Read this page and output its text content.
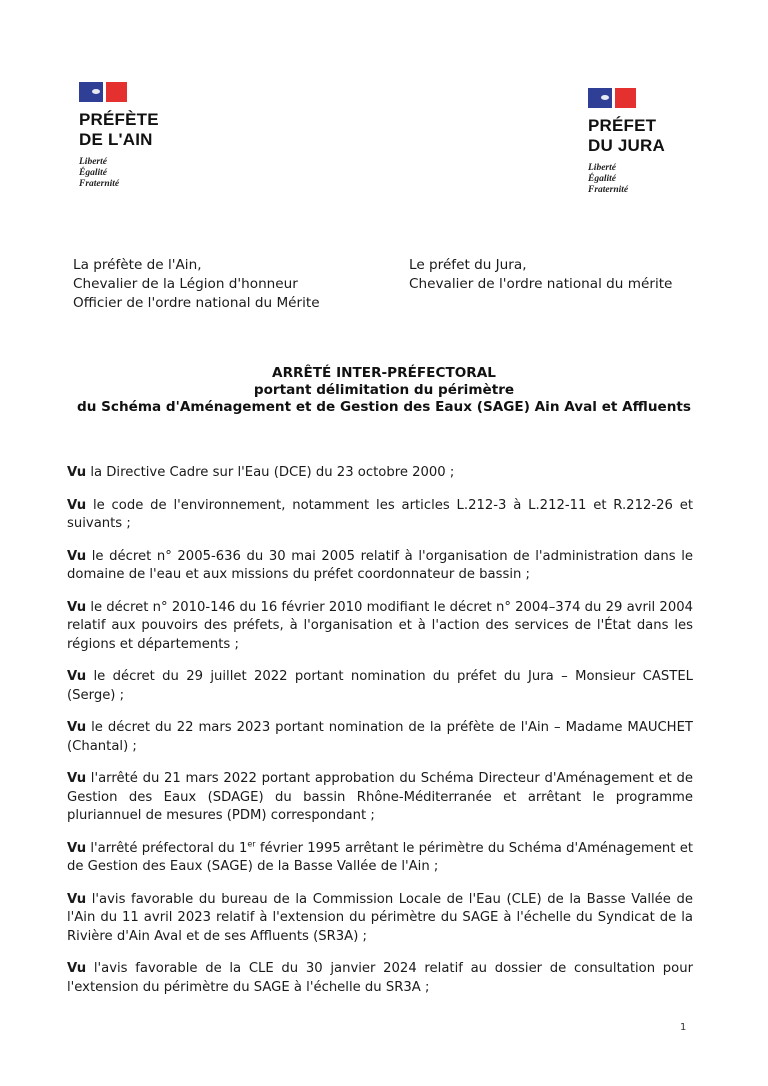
PRÉFÈTE
DE L'AIN
Liberté
Égalité
Fraternité
PRÉFET
DU JURA
Liberté
Égalité
Fraternité
La préfète de l'Ain,
Chevalier de la Légion d'honneur
Officier de l'ordre national du Mérite
Le préfet du Jura,
Chevalier de l'ordre national du mérite
ARRÊTÉ INTER-PRÉFECTORAL
portant délimitation du périmètre
du Schéma d'Aménagement et de Gestion des Eaux (SAGE) Ain Aval et Affluents

Vu la Directive Cadre sur l'Eau (DCE) du 23 octobre 2000 ;

Vu le code de l'environnement, notamment les articles L.212-3 à L.212-11 et R.212-26 et suivants ;

Vu le décret n° 2005-636 du 30 mai 2005 relatif à l'organisation de l'administration dans le domaine de l'eau et aux missions du préfet coordonnateur de bassin ;

Vu le décret n° 2010-146 du 16 février 2010 modifiant le décret n° 2004–374 du 29 avril 2004 relatif aux pouvoirs des préfets, à l'organisation et à l'action des services de l'État dans les régions et départements ;

Vu le décret du 29 juillet 2022 portant nomination du préfet du Jura – Monsieur CASTEL (Serge) ;

Vu le décret du 22 mars 2023 portant nomination de la préfète de l'Ain – Madame MAUCHET (Chantal) ;

Vu l'arrêté du 21 mars 2022 portant approbation du Schéma Directeur d'Aménagement et de Gestion des Eaux (SDAGE) du bassin Rhône-Méditerranée et arrêtant le programme pluriannuel de mesures (PDM) correspondant ;

Vu l'arrêté préfectoral du 1er février 1995 arrêtant le périmètre du Schéma d'Aménagement et de Gestion des Eaux (SAGE) de la Basse Vallée de l'Ain ;

Vu l'avis favorable du bureau de la Commission Locale de l'Eau (CLE) de la Basse Vallée de l'Ain du 11 avril 2023 relatif à l'extension du périmètre du SAGE à l'échelle du Syndicat de la Rivière d'Ain Aval et de ses Affluents (SR3A) ;

Vu l'avis favorable de la CLE du 30 janvier 2024 relatif au dossier de consultation pour l'extension du périmètre du SAGE à l'échelle du SR3A ;

1
